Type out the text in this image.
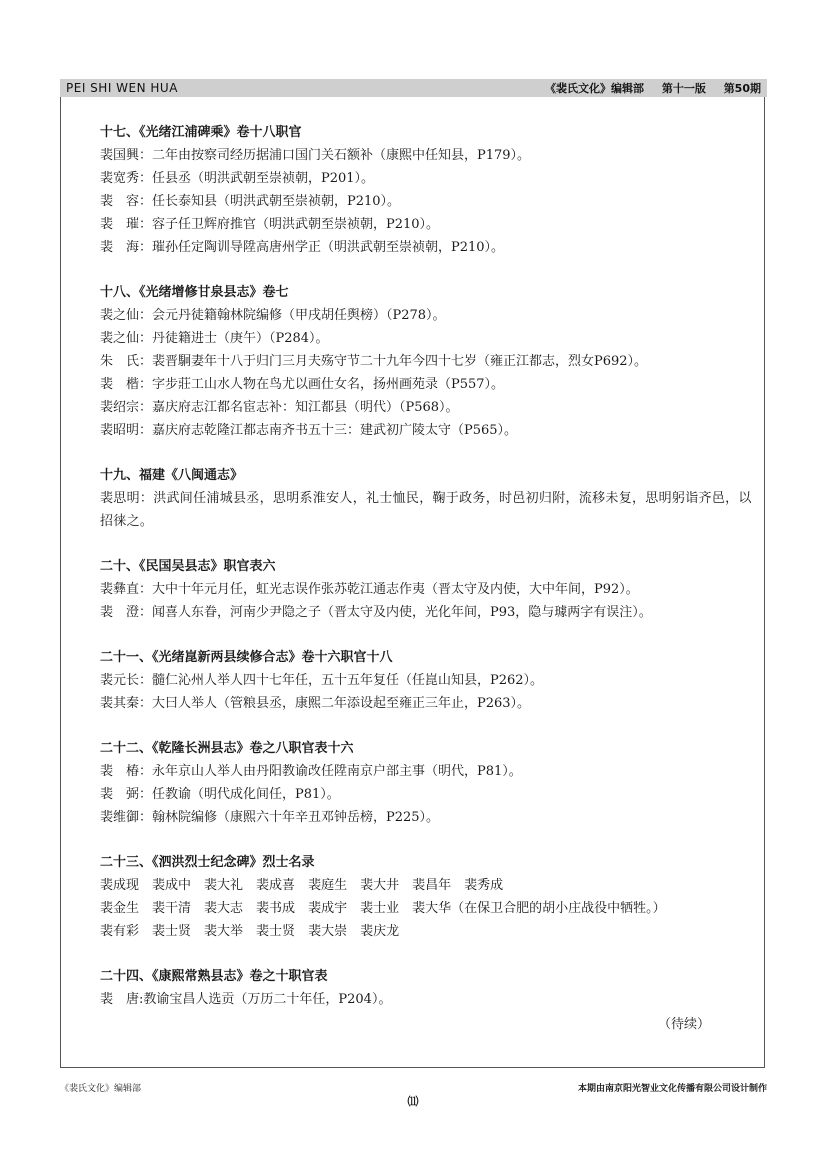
PEI SHI WEN HUA	《裴氏文化》编辑部 第十一版 第50期
十七、《光绪江浦碑乘》卷十八职官
裴国興：二年由按察司经历据浦口国门关石额补（康熙中任知县，P179）。
裴宽秀：任县丞（明洪武朝至崇祯朝，P201）。
裴　容：任长泰知县（明洪武朝至崇祯朝，P210）。
裴　璀：容子任卫辉府推官（明洪武朝至崇祯朝，P210）。
裴　海：璀孙任定陶训导陞高唐州学正（明洪武朝至崇祯朝，P210）。
十八、《光绪增修甘泉县志》卷七
裴之仙：会元丹徒籍翰林院编修（甲戌胡任舆榜）（P278）。
裴之仙：丹徒籍进士（庚午）（P284）。
朱　氏：裴晋駉妻年十八于归门三月夫殇守节二十九年今四十七岁（雍正江都志，烈女P692）。
裴　楷：字步莊工山水人物在鸟尤以画仕女名，扬州画苑录（P557）。
裴绍宗：嘉庆府志江都名宦志补：知江都县（明代）（P568）。
裴昭明：嘉庆府志乾隆江都志南齐书五十三：建武初广陵太守（P565）。
十九、福建《八闽通志》
裴思明：洪武间任浦城县丞，思明系淮安人，礼士恤民，鞠于政务，时邑初归附，流移未复，思明躬诣齐邑，以招徕之。
二十、《民国吴县志》职官表六
裴彝直：大中十年元月任，虹光志误作张苏乾江通志作夷（晋太守及内使，大中年间，P92）。
裴　澄：闻喜人东眷，河南少尹隐之子（晋太守及内使，光化年间，P93，隐与璩两字有误注）。
二十一、《光绪崑新两县续修合志》卷十六职官十八
裴元长：髓仁沁州人举人四十七年任，五十五年复任（任崑山知县，P262）。
裴其秦：大曰人举人（管粮县丞，康熙二年添设起至雍正三年止，P263）。
二十二、《乾隆长洲县志》卷之八职官表十六
裴　椿：永年京山人举人由丹阳教谕改任陞南京户部主事（明代，P81）。
裴　弼：任教谕（明代成化间任，P81）。
裴维御：翰林院编修（康熙六十年辛丑邓钟岳榜，P225）。
二十三、《泗洪烈士纪念碑》烈士名录
裴成现 裴成中 裴大礼 裴成喜 裴庭生 裴大井 裴昌年 裴秀成
裴金生 裴干清 裴大志 裴书成 裴成宇 裴士业 裴大华（在保卫合肥的胡小庄战役中牺牲。）
裴有彩 裴士贤 裴大举 裴士贤 裴大崇 裴庆龙
二十四、《康熙常熟县志》卷之十职官表
裴　唐:教谕宝昌人选贡（万历二十年任，P204）。
（待续）
《裴氏文化》编辑部	本期由南京阳光智业文化传播有限公司设计制作
⑾
